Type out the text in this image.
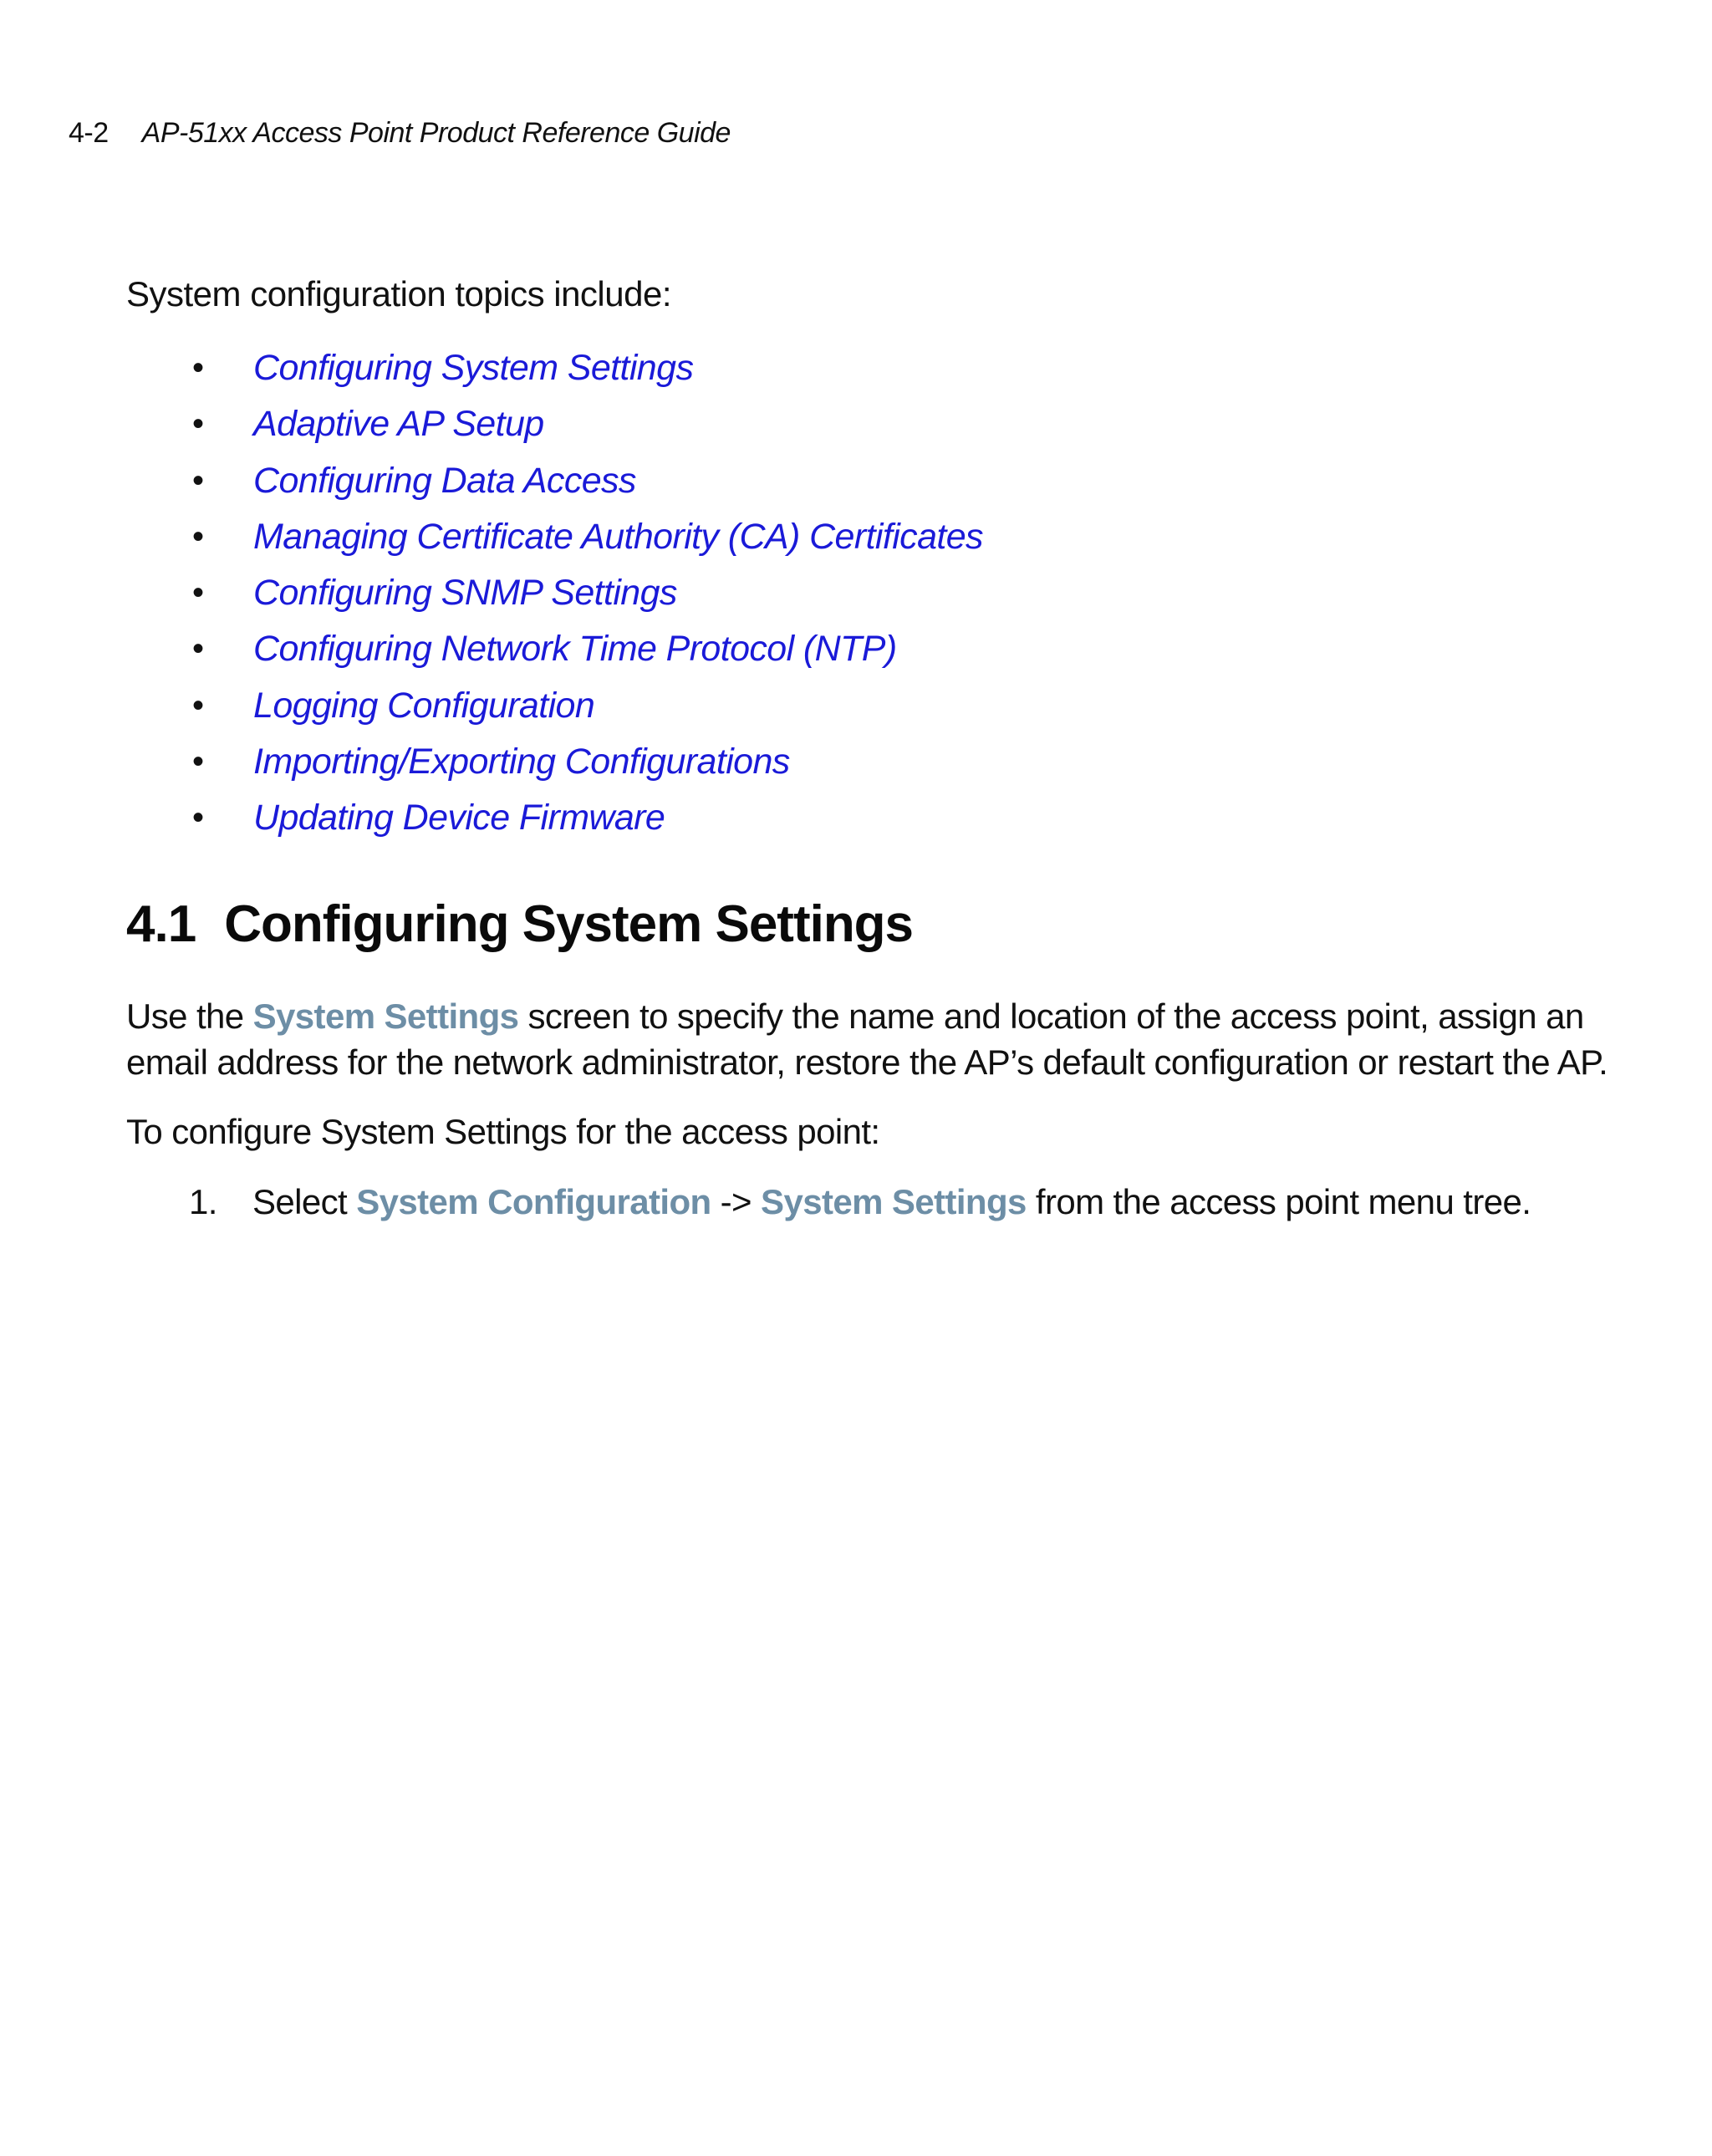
4-2 AP-51xx Access Point Product Reference Guide
System configuration topics include:
• Configuring System Settings
• Adaptive AP Setup
• Configuring Data Access
• Managing Certificate Authority (CA) Certificates
• Configuring SNMP Settings
• Configuring Network Time Protocol (NTP)
• Logging Configuration
• Importing/Exporting Configurations
• Updating Device Firmware
4.1 Configuring System Settings

Use the System Settings screen to specify the name and location of the access point, assign an
email address for the network administrator, restore the AP’s default configuration or restart the AP.

To configure System Settings for the access point:

1. Select System Configuration -> System Settings from the access point menu tree.
